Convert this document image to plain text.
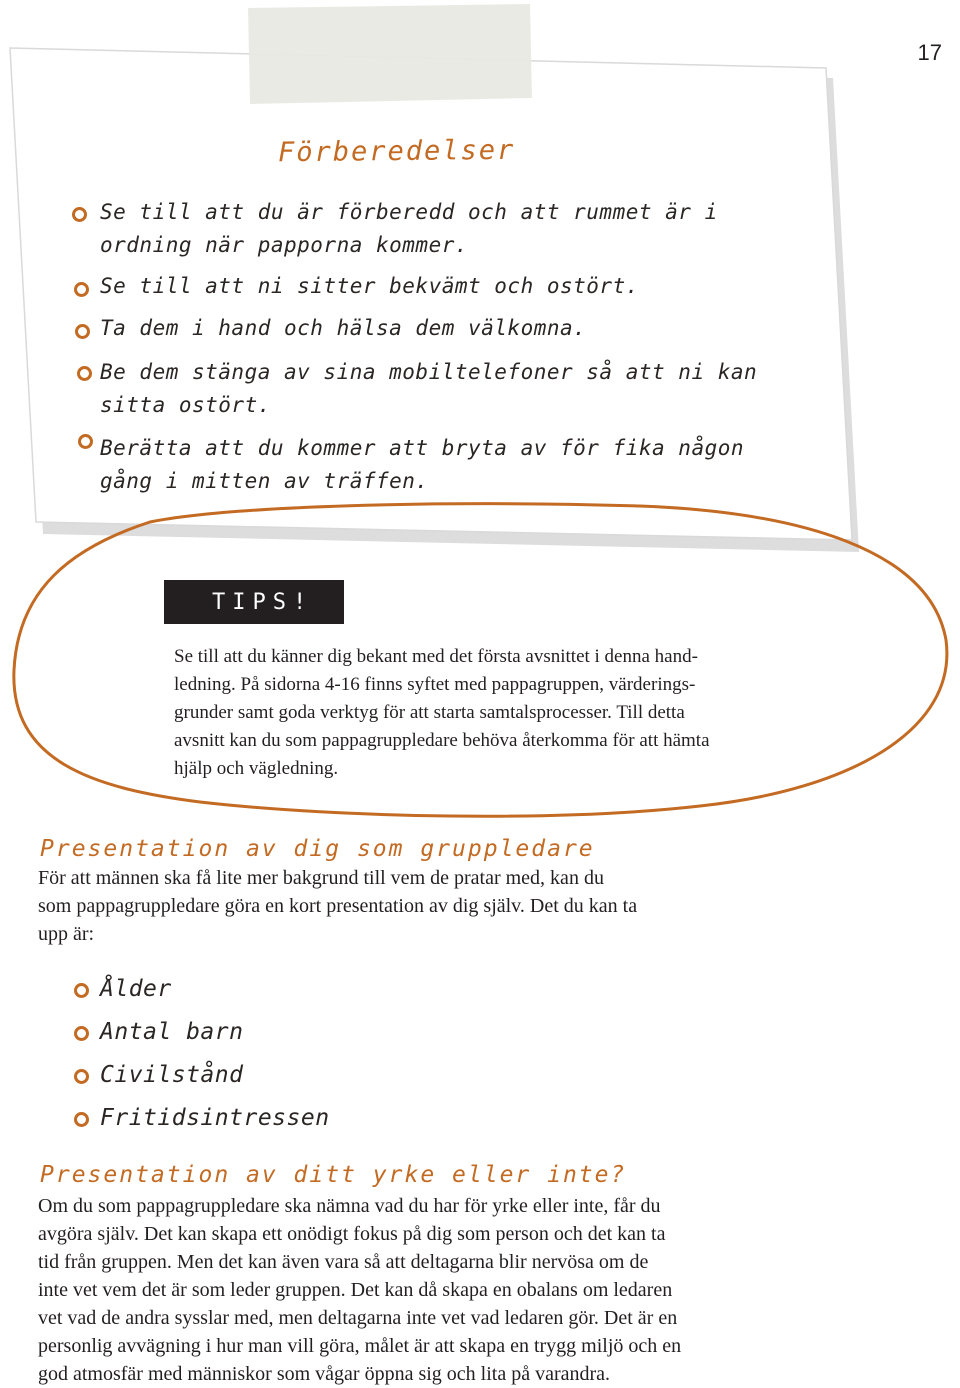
17
Förberedelser
Se till att du är förberedd och att rummet är i
ordning när papporna kommer.
Se till att ni sitter bekvämt och ostört.
Ta dem i hand och hälsa dem välkomna.
Be dem stänga av sina mobiltelefoner så att ni kan
sitta ostört.
Berätta att du kommer att bryta av för fika någon
gång i mitten av träffen.
TIPS!
Se till att du känner dig bekant med det första avsnittet i denna hand-
ledning. På sidorna 4-16 finns syftet med pappagruppen, värderings-
grunder samt goda verktyg för att starta samtalsprocesser. Till detta
avsnitt kan du som pappagruppledare behöva återkomma för att hämta
hjälp och vägledning.
Presentation av dig som gruppledare
För att männen ska få lite mer bakgrund till vem de pratar med, kan du
som pappagruppledare göra en kort presentation av dig själv. Det du kan ta
upp är:
Ålder
Antal barn
Civilstånd
Fritidsintressen
Presentation av ditt yrke eller inte?
Om du som pappagruppledare ska nämna vad du har för yrke eller inte, får du
avgöra själv. Det kan skapa ett onödigt fokus på dig som person och det kan ta
tid från gruppen. Men det kan även vara så att deltagarna blir nervösa om de
inte vet vem det är som leder gruppen. Det kan då skapa en obalans om ledaren
vet vad de andra sysslar med, men deltagarna inte vet vad ledaren gör. Det är en
personlig avvägning i hur man vill göra, målet är att skapa en trygg miljö och en
god atmosfär med människor som vågar öppna sig och lita på varandra.
